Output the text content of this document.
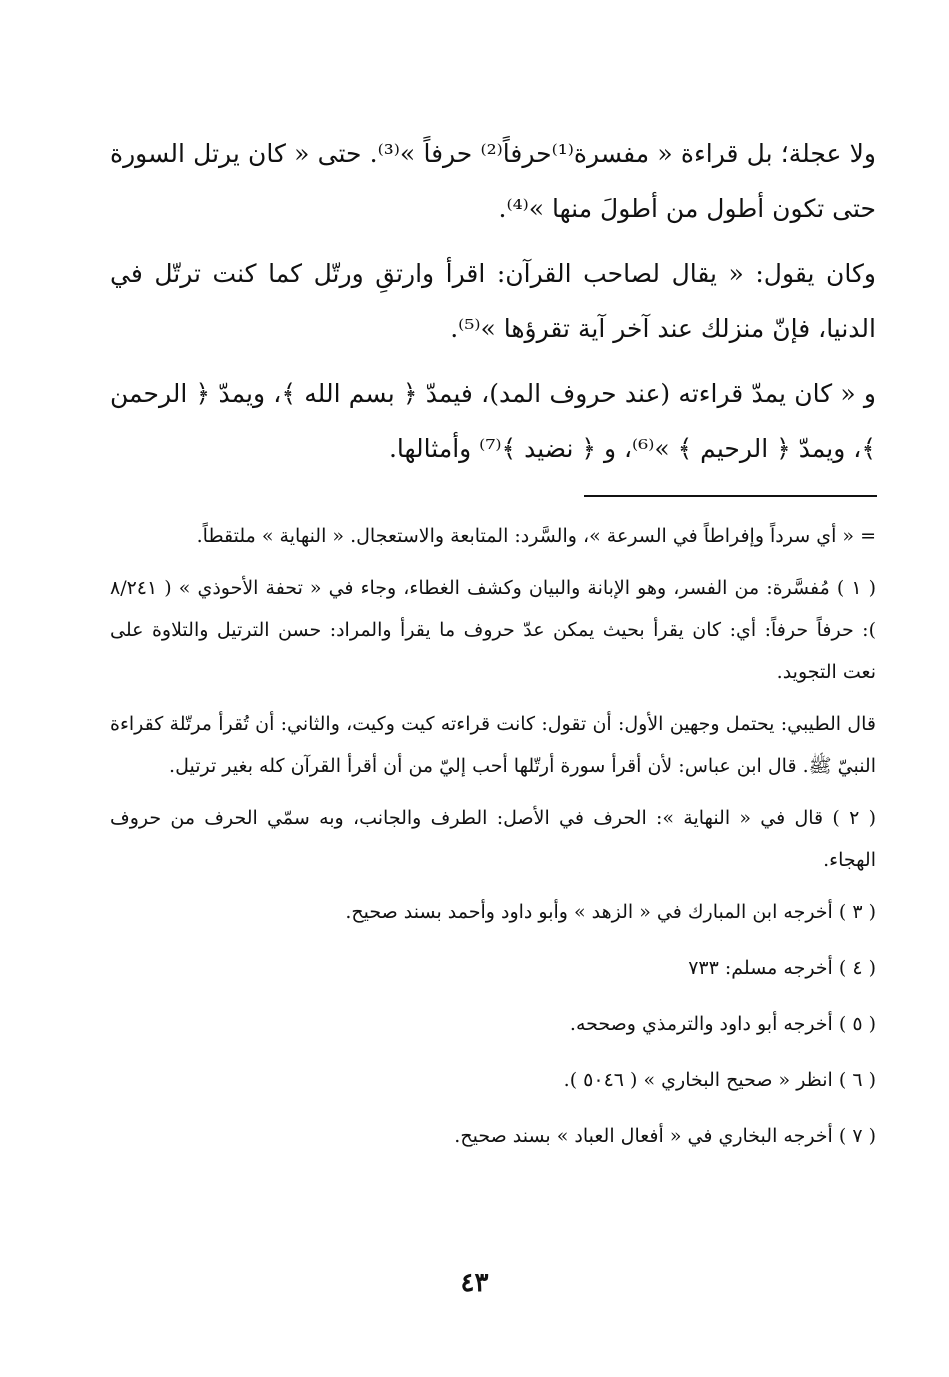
ولا عجلة؛ بل قراءة « مفسرة⁽¹⁾حرفاً⁽²⁾ حرفاً »⁽³⁾. حتى « كان يرتل السورة حتى تكون أطول من أطولَ منها »⁽⁴⁾.

وكان يقول: « يقال لصاحب القرآن: اقرأ وارتقِ ورتّل كما كنت ترتّل في الدنيا، فإنّ منزلك عند آخر آية تقرؤها »⁽⁵⁾.

و « كان يمدّ قراءته (عند حروف المد)، فيمدّ ﴿ بسم الله ﴾، ويمدّ ﴿ الرحمن ﴾، ويمدّ ﴿ الرحيم ﴾ »⁽⁶⁾، و ﴿ نضيد ﴾⁽⁷⁾ وأمثالها.

= « أي سرداً وإفراطاً في السرعة »، والسَّرد: المتابعة والاستعجال. « النهاية » ملتقطاً.

( ١ ) مُفسَّرة: من الفسر، وهو الإبانة والبيان وكشف الغطاء، وجاء في « تحفة الأحوذي » ( ٨/٢٤١ ): حرفاً حرفاً: أي: كان يقرأ بحيث يمكن عدّ حروف ما يقرأ والمراد: حسن الترتيل والتلاوة على نعت التجويد.

قال الطيبي: يحتمل وجهين الأول: أن تقول: كانت قراءته كيت وكيت، والثاني: أن تُقرأ مرتّلة كقراءة النبيّ ﷺ. قال ابن عباس: لأن أقرأ سورة أرتّلها أحب إليّ من أن أقرأ القرآن كله بغير ترتيل.

( ٢ ) قال في « النهاية »: الحرف في الأصل: الطرف والجانب، وبه سمّي الحرف من حروف الهجاء.

( ٣ ) أخرجه ابن المبارك في « الزهد » وأبو داود وأحمد بسند صحيح.

( ٤ ) أخرجه مسلم: ٧٣٣

( ٥ ) أخرجه أبو داود والترمذي وصححه.

( ٦ ) انظر « صحيح البخاري » ( ٥٠٤٦ ).

( ٧ ) أخرجه البخاري في « أفعال العباد » بسند صحيح.

٤٣
